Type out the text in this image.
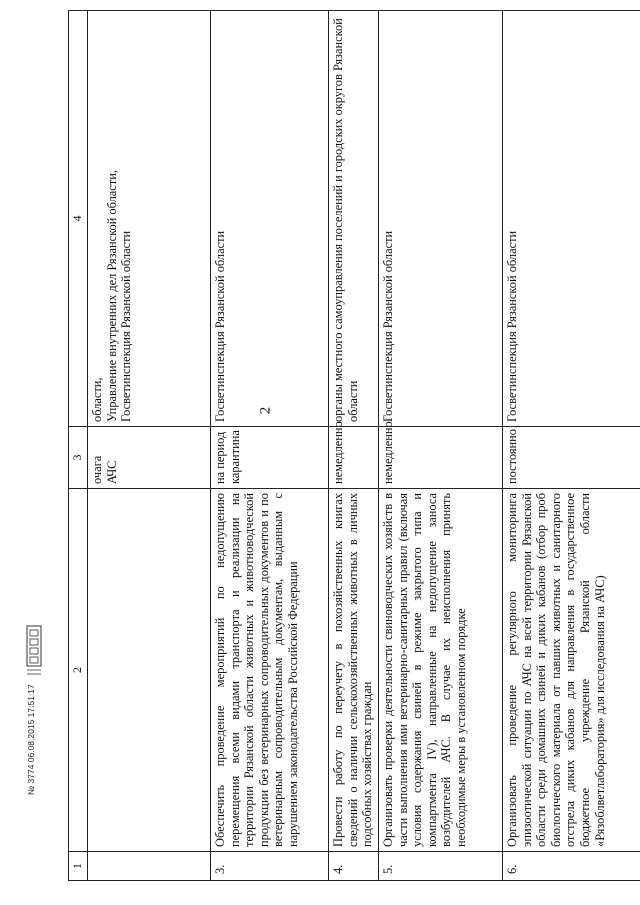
2
1	2	3	4
		очага АЧС	области, Управление внутренних дел Рязанской области, Госветинспекция Рязанской области

3.	Обеспечить проведение мероприятий по недопущению перемещения всеми видами транспорта и реализации на территории Рязанской области животных и животноводческой продукции без ветеринарных сопроводительных документов и по ветеринарным сопроводительным документам, выданным с нарушением законодательства Российской Федерации	на период карантина	Госветинспекция Рязанской области

4.	Провести работу по переучету в похозяйственных книгах сведений о наличии сельскохозяйственных животных в личных подсобных хозяйствах граждан	немедленно	органы местного самоуправления поселений и городских округов Рязанской области

5.	Организовать проверки деятельности свиноводческих хозяйств в части выполнения ими ветеринарно-санитарных правил (включая условия содержания свиней в режиме закрытого типа и компартмента IV), направленные на недопущение заноса возбудителей АЧС. В случае их неисполнения принять необходимые меры в установленном порядке	немедленно	Госветинспекция Рязанской области

6.	Организовать проведение регулярного мониторинга эпизоотической ситуации по АЧС на всей территории Рязанской области среди домашних свиней и диких кабанов (отбор проб биологического материала от павших животных и санитарного отстрела диких кабанов для направления в государственное бюджетное учреждение Рязанской области «Рязоблветлаборатория» для исследования на АЧС)	постоянно	Госветинспекция Рязанской области
№ 3774 06.08.2015 17:51:17
